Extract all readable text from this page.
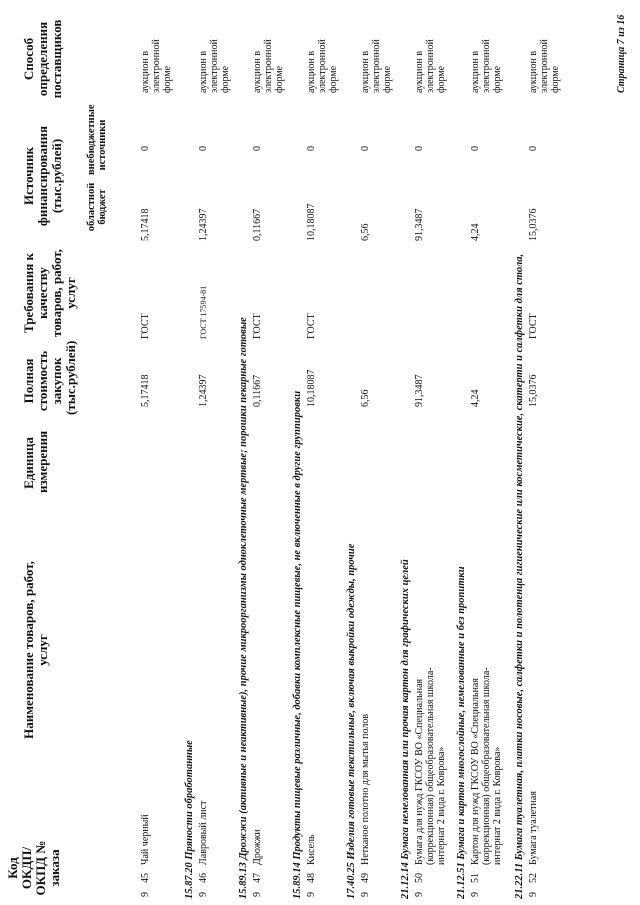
Код ОКДП/ ОКПД № заказа
Наименование товаров, работ, услуг
Единица измерения
Полная стоимость закупок (тыс.рублей)
Требования к качеству товаров, работ, услуг
Источник финансирования (тыс.рублей) областной бюджет
внебюджетные источники
Способ определения поставщиков
9
45
Чай черный
5,17418
ГОСТ
5,17418
0
аукцион в электронной форме
15.87.20 Пряности обработанные
9
46
Лавровый лист
1,24397
ГОСТ 17594-81
1,24397
0
аукцион в электронной форме
15.89.13 Дрожжи (активные и неактивные), прочие микроорганизмы одноклеточные мертвые; порошки пекарные готовые
9
47
Дрожжи
0,11667
ГОСТ
0,11667
0
аукцион в электронной форме
15.89.14 Продукты пищевые различные, добавки комплексные пищевые, не включенные в другие группировки
9
48
Кисель
10,18087
ГОСТ
10,18087
0
аукцион в электронной форме
17.40.25 Изделия готовые текстильные, включая выкройки одежды, прочие
9
49
Нетканое полотно для мытья полов
6,56
6,56
0
аукцион в электронной форме
21.12.14 Бумага немелованная или прочая картон для графических целей
9
50
Бумага для нужд ГКСОУ ВО «Специальная (коррекционная) общеобразовательная школа-интернат 2 вида г. Коврова»
91,3487
91,3487
0
аукцион в электронной форме
21.12.51 Бумага и картон многослойные, немелованные и без пропитки
9
51
Картон для нужд ГКСОУ ВО «Специальная (коррекционная) общеобразовательная школа-интернат 2 вида г. Коврова»
4,24
4,24
0
аукцион в электронной форме
21.22.11 Бумага туалетная, платки носовые, салфетки и полотенца гигиенические или косметические, скатерти и салфетки для стола,
9
52
Бумага туалетная
15,0376
ГОСТ
15,0376
0
аукцион в электронной форме	Страница 7 из 16
